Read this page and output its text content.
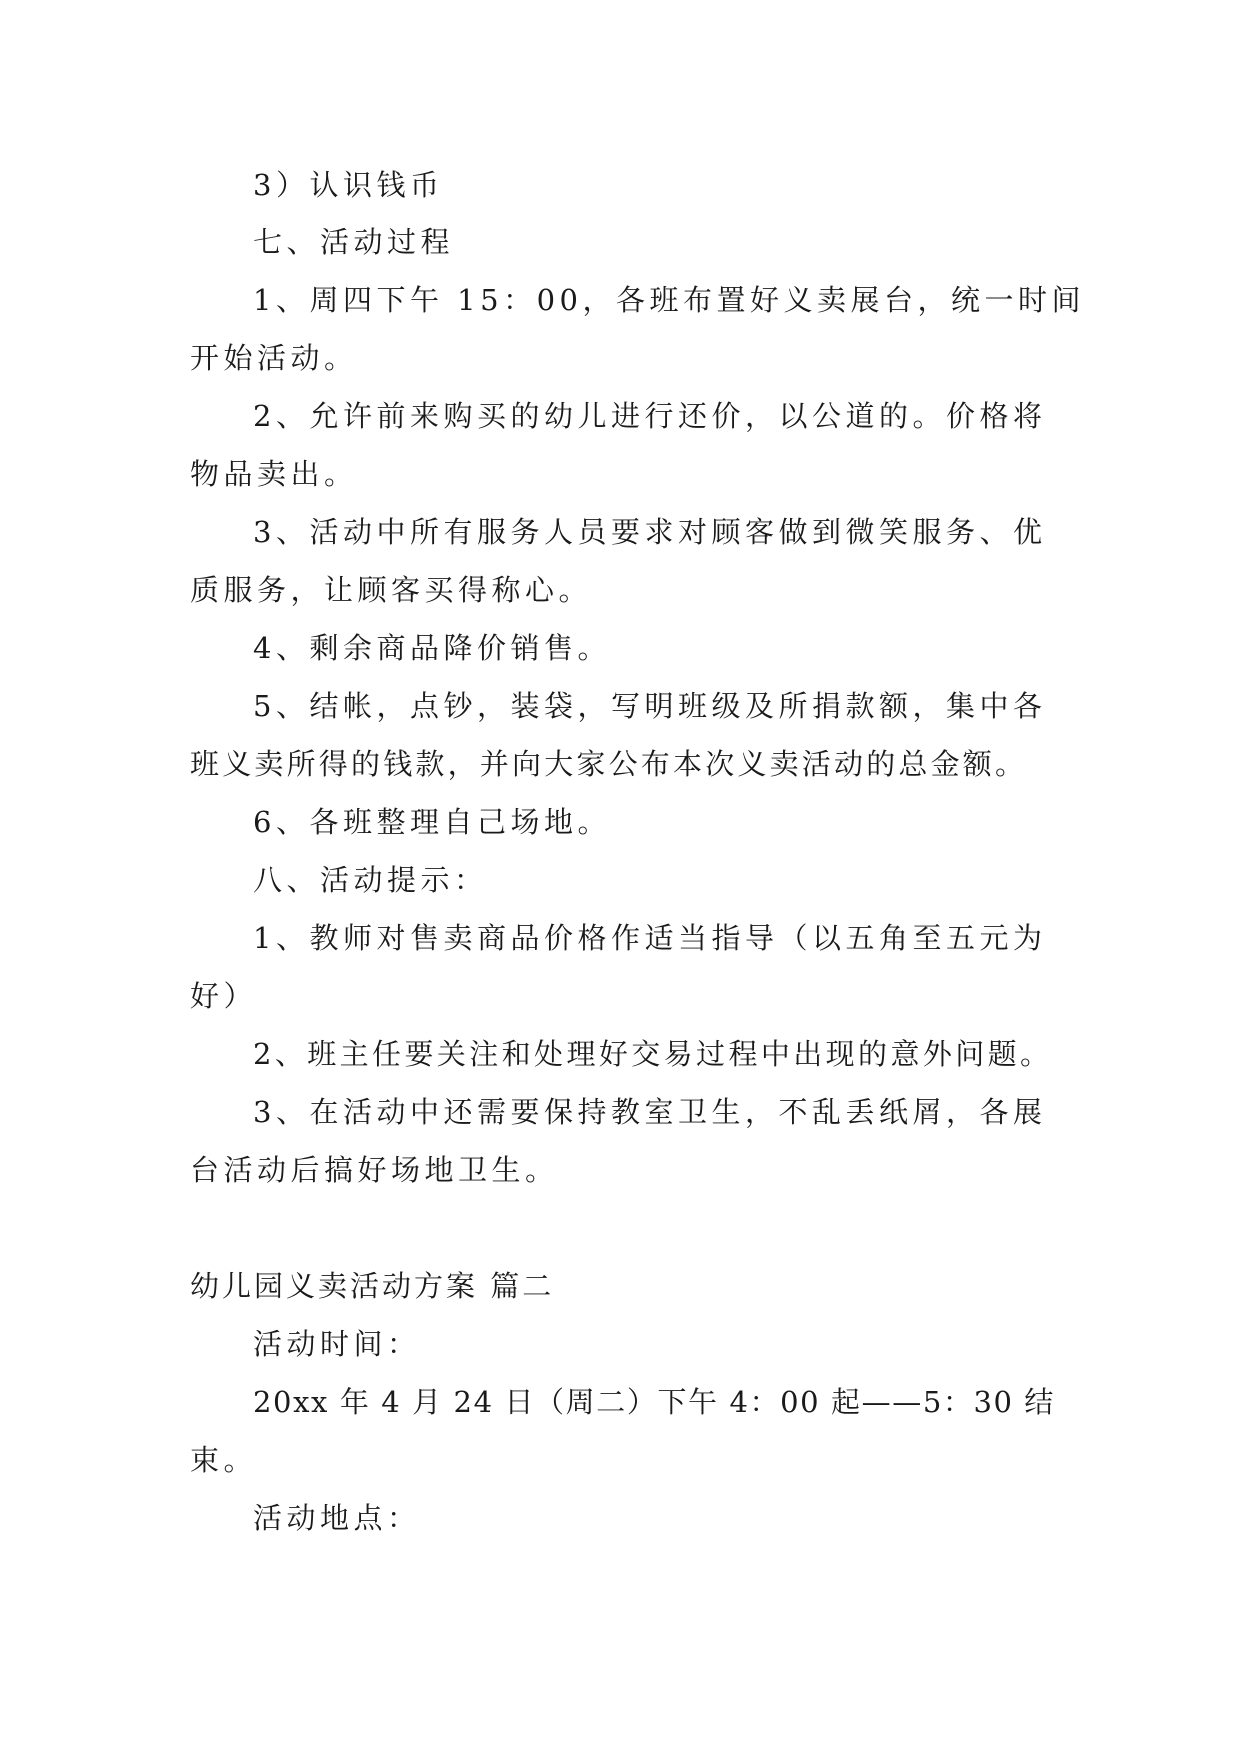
3）认识钱币
七、活动过程
1、周四下午 15：00，各班布置好义卖展台，统一时间
开始活动。
2、允许前来购买的幼儿进行还价，以公道的。价格将
物品卖出。
3、活动中所有服务人员要求对顾客做到微笑服务、优
质服务，让顾客买得称心。
4、剩余商品降价销售。
5、结帐，点钞，装袋，写明班级及所捐款额，集中各
班义卖所得的钱款，并向大家公布本次义卖活动的总金额。
6、各班整理自己场地。
八、活动提示：
1、教师对售卖商品价格作适当指导（以五角至五元为
好）
2、班主任要关注和处理好交易过程中出现的意外问题。
3、在活动中还需要保持教室卫生，不乱丢纸屑，各展
台活动后搞好场地卫生。
幼儿园义卖活动方案 篇二
活动时间：
20xx 年 4 月 24 日（周二）下午 4：00 起——5：30 结
束。
活动地点：
